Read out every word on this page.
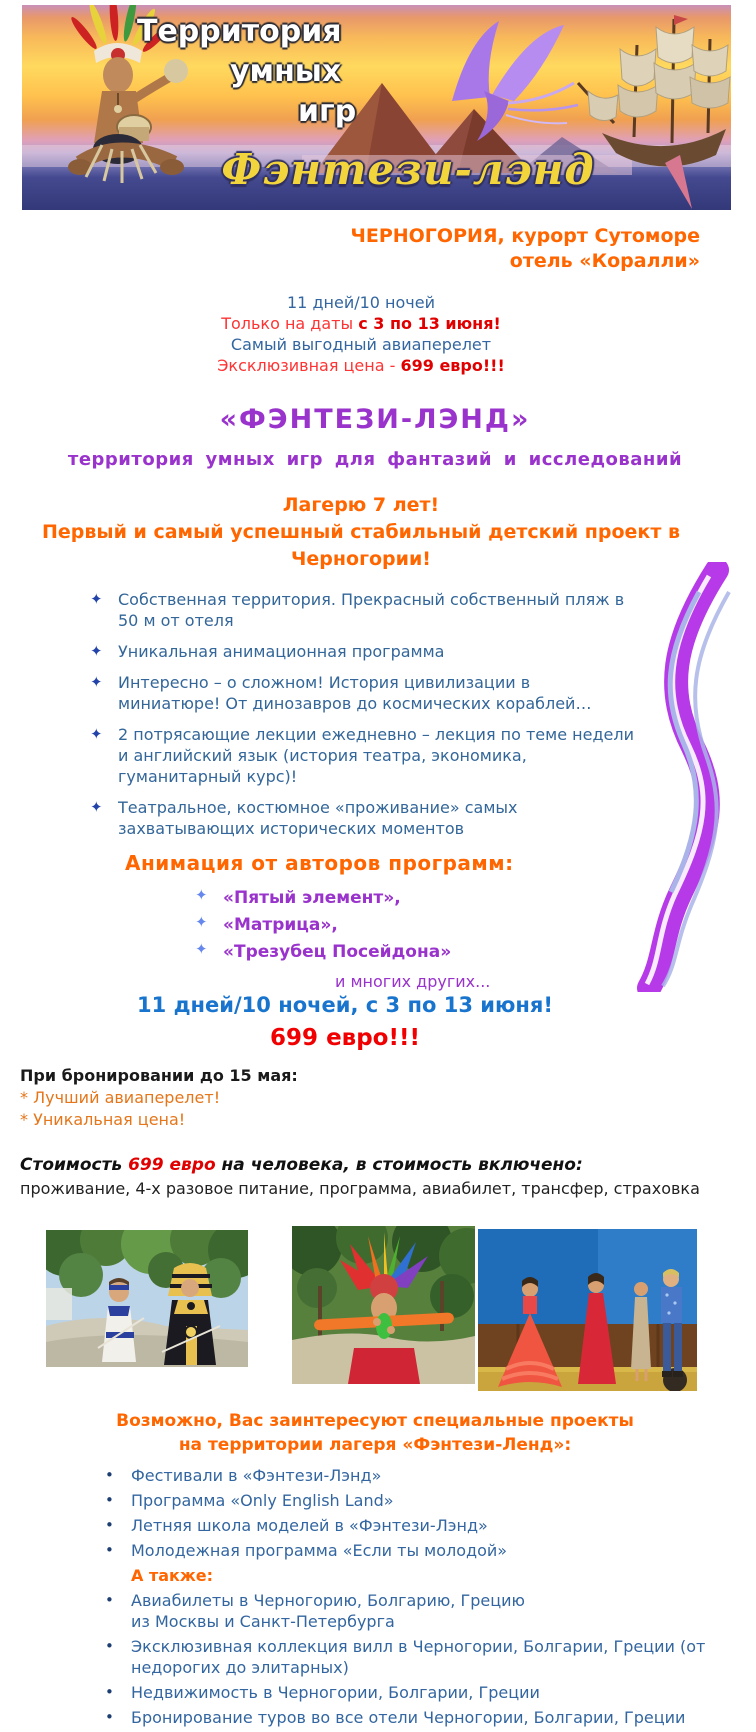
Территория
умных
игр
Фэнтези-лэнд
ЧЕРНОГОРИЯ, курорт Сутоморе
отель «Коралли»
11 дней/10 ночей
Только на даты с 3 по 13 июня!
Самый выгодный авиаперелет
Эксклюзивная цена - 699 евро!!!
«ФЭНТЕЗИ-ЛЭНД»
территория умных игр для фантазий и исследований
Лагерю 7 лет!
Первый и самый успешный стабильный детский проект в Черногории!
✦ Собственная территория. Прекрасный собственный пляж в 50 м от отеля
✦ Уникальная анимационная программа
✦ Интересно – о сложном! История цивилизации в миниатюре! От динозавров до космических кораблей…
✦ 2 потрясающие лекции ежедневно – лекция по теме недели и английский язык (история театра, экономика, гуманитарный курс)!
✦ Театральное, костюмное «проживание» самых захватывающих исторических моментов
Анимация от авторов программ:
✦ «Пятый элемент»,
✦ «Матрица»,
✦ «Трезубец Посейдона»
и многих других...
11 дней/10 ночей, с 3 по 13 июня!
699 евро!!!
При бронировании до 15 мая:
* Лучший авиаперелет!
* Уникальная цена!
Стоимость 699 евро на человека, в стоимость включено:
проживание, 4-х разовое питание, программа, авиабилет, трансфер, страховка
Возможно, Вас заинтересуют специальные проекты
на территории лагеря «Фэнтези-Ленд»:
•	Фестивали в «Фэнтези-Лэнд»
•	Программа «Only English Land»
•	Летняя школа моделей в «Фэнтези-Лэнд»
•	Молодежная программа «Если ты молодой»
А также:
•	Авиабилеты в Черногорию, Болгарию, Грецию
из Москвы и Санкт-Петербурга
•	Эксклюзивная коллекция вилл в Черногории, Болгарии, Греции (от недорогих до элитарных)
•	Недвижимость в Черногории, Болгарии, Греции
•	Бронирование туров во все отели Черногории, Болгарии, Греции
